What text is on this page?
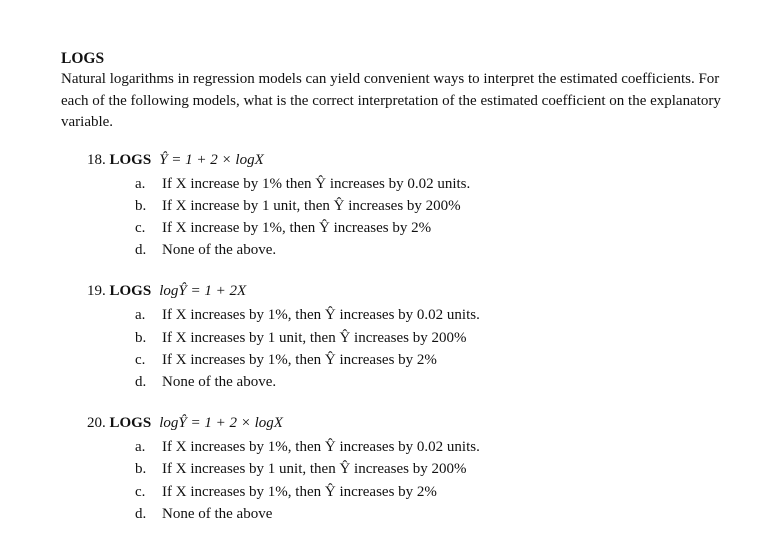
LOGS

Natural logarithms in regression models can yield convenient ways to interpret the estimated coefficients. For each of the following models, what is the correct interpretation of the estimated coefficient on the explanatory variable.

18. LOGS Ŷ = 1 + 2 × logX
a. If X increase by 1% then Ŷ increases by 0.02 units.
b. If X increase by 1 unit, then Ŷ increases by 200%
c. If X increase by 1%, then Ŷ increases by 2%
d. None of the above.
19. LOGS logŶ = 1 + 2X
a. If X increases by 1%, then Ŷ increases by 0.02 units.
b. If X increases by 1 unit, then Ŷ increases by 200%
c. If X increases by 1%, then Ŷ increases by 2%
d. None of the above.
20. LOGS logŶ = 1 + 2 × logX
a. If X increases by 1%, then Ŷ increases by 0.02 units.
b. If X increases by 1 unit, then Ŷ increases by 200%
c. If X increases by 1%, then Ŷ increases by 2%
d. None of the above
